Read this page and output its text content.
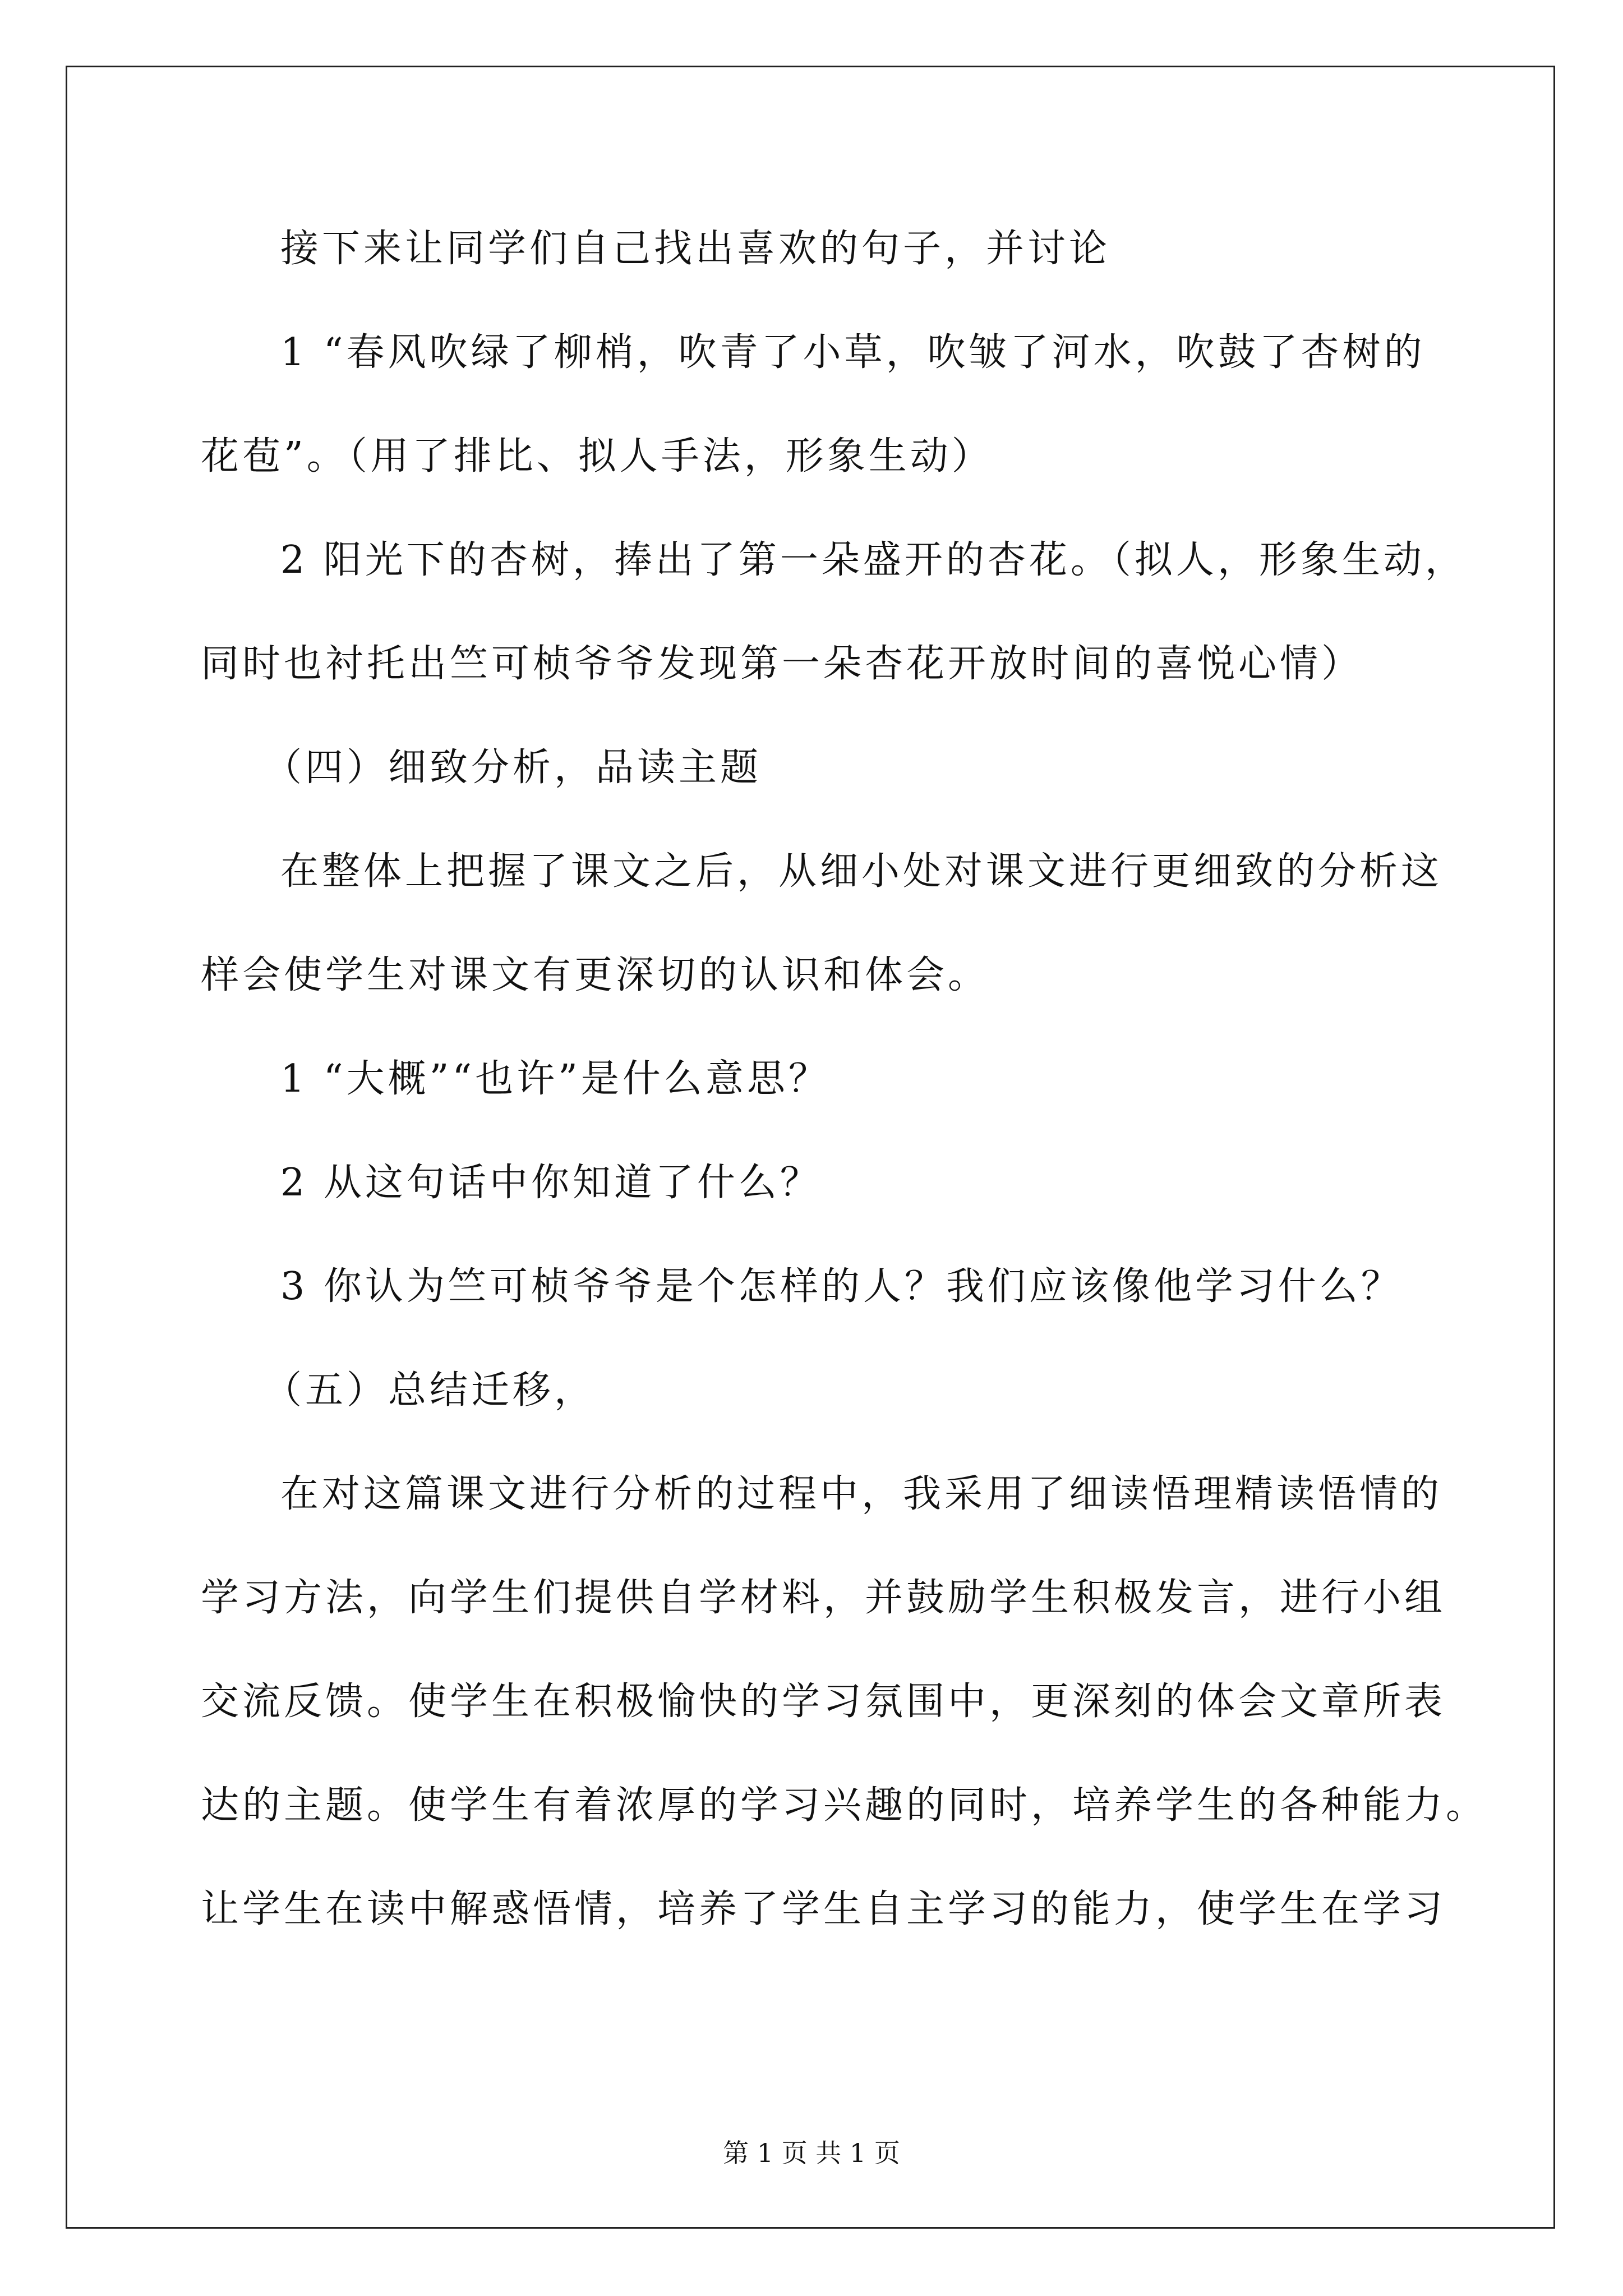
接下来让同学们自己找出喜欢的句子，并讨论
1 “春风吹绿了柳梢，吹青了小草，吹皱了河水，吹鼓了杏树的
花苞”。（用了排比、拟人手法，形象生动）
2 阳光下的杏树，捧出了第一朵盛开的杏花。（拟人，形象生动，
同时也衬托出竺可桢爷爷发现第一朵杏花开放时间的喜悦心情）
（四）细致分析，品读主题
在整体上把握了课文之后，从细小处对课文进行更细致的分析这
样会使学生对课文有更深切的认识和体会。
1 “大概”“也许”是什么意思？
2 从这句话中你知道了什么？
3 你认为竺可桢爷爷是个怎样的人？我们应该像他学习什么？
（五）总结迁移，
在对这篇课文进行分析的过程中，我采用了细读悟理精读悟情的
学习方法，向学生们提供自学材料，并鼓励学生积极发言，进行小组
交流反馈。使学生在积极愉快的学习氛围中，更深刻的体会文章所表
达的主题。使学生有着浓厚的学习兴趣的同时，培养学生的各种能力。
让学生在读中解惑悟情，培养了学生自主学习的能力，使学生在学习
第 1 页 共 1 页
